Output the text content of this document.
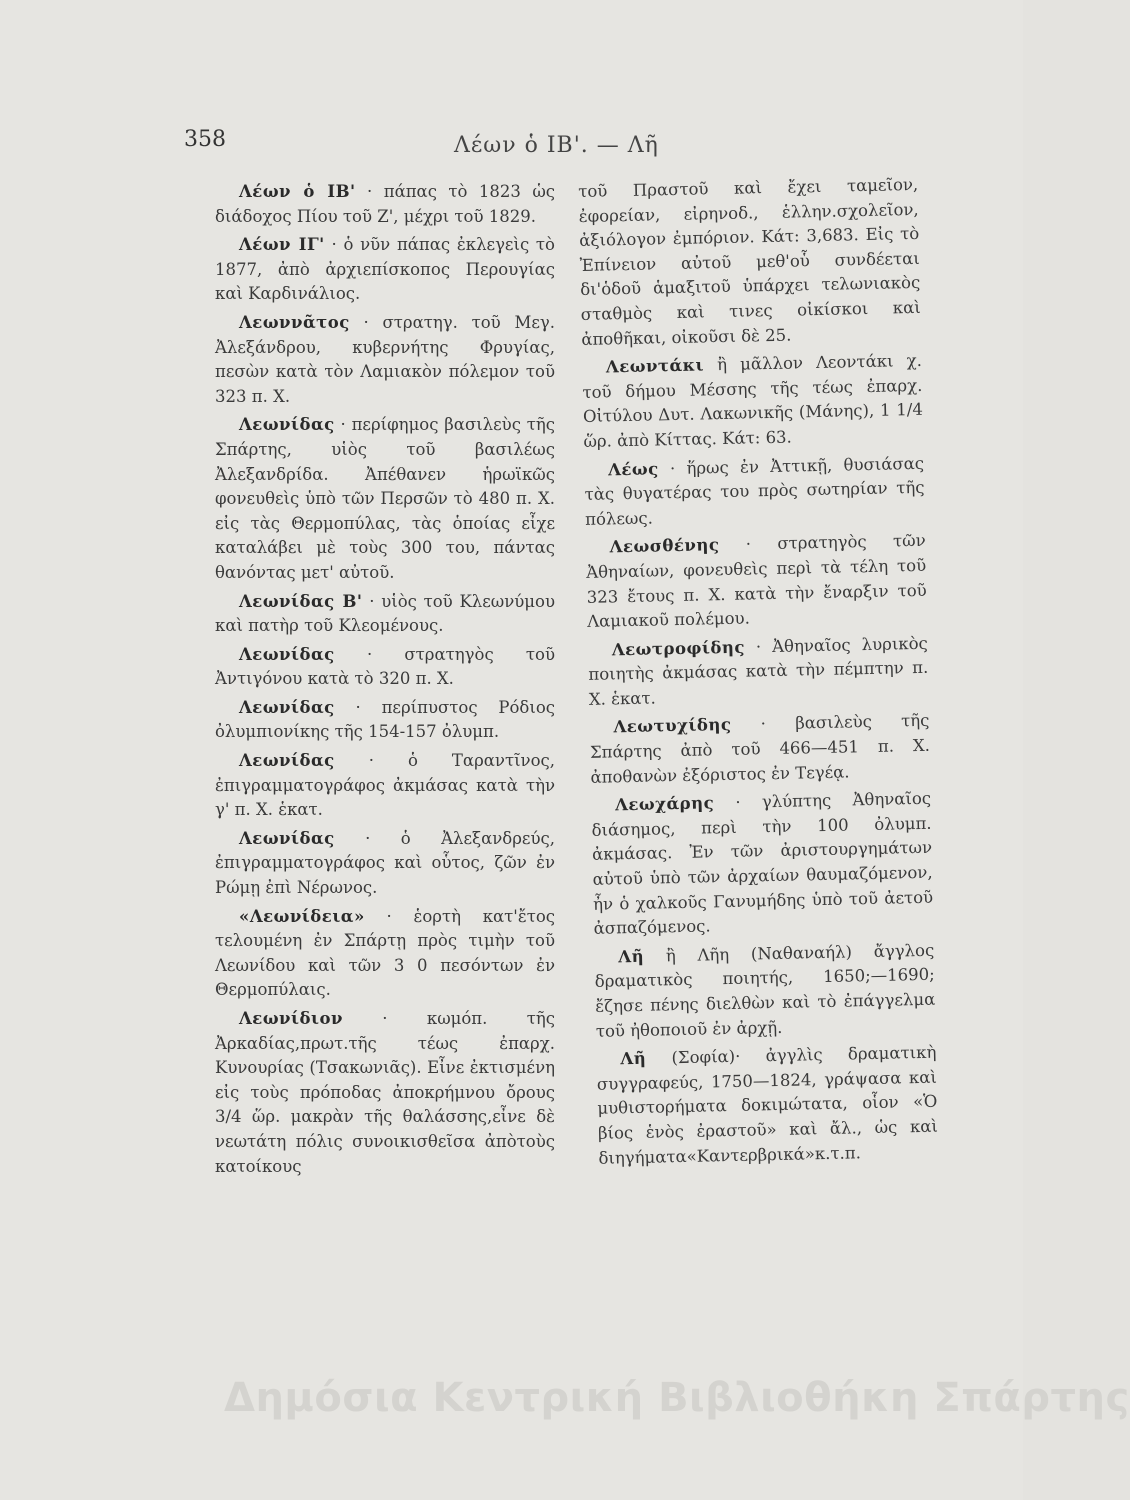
358	Λέων ὁ ΙΒ'. — Λῆ

Λέων ὁ ΙΒ' · πάπας τὸ 1823 ὡς διάδοχος Πίου τοῦ Ζ', μέχρι τοῦ 1829.

Λέων ΙΓ' · ὁ νῦν πάπας ἐκλεγεὶς τὸ 1877, ἀπὸ ἀρχιεπίσκοπος Περουγίας καὶ Καρδινάλιος.

Λεωννᾶτος · στρατηγ. τοῦ Μεγ. Ἀλεξάνδρου, κυβερνήτης Φρυγίας, πεσὼν κατὰ τὸν Λαμιακὸν πόλεμον τοῦ 323 π. Χ.

Λεωνίδας · περίφημος βασιλεὺς τῆς Σπάρτης, υἱὸς τοῦ βασιλέως Ἀλεξανδρίδα. Ἀπέθανεν ἡρωϊκῶς φονευθεὶς ὑπὸ τῶν Περσῶν τὸ 480 π. Χ. εἰς τὰς Θερμοπύλας, τὰς ὁποίας εἶχε καταλάβει μὲ τοὺς 300 του, πάντας θανόντας μετ' αὐτοῦ.

Λεωνίδας Β' · υἱὸς τοῦ Κλεωνύμου καὶ πατὴρ τοῦ Κλεομένους.

Λεωνίδας · στρατηγὸς τοῦ Ἀντιγόνου κατὰ τὸ 320 π. Χ.

Λεωνίδας · περίπυστος Ρόδιος ὀλυμπιονίκης τῆς 154-157 ὀλυμπ.

Λεωνίδας · ὁ Ταραντῖνος, ἐπιγραμματογράφος ἀκμάσας κατὰ τὴν γ' π. Χ. ἑκατ.

Λεωνίδας · ὁ Ἀλεξανδρεύς, ἐπιγραμματογράφος καὶ οὗτος, ζῶν ἐν Ρώμῃ ἐπὶ Νέρωνος.

«Λεωνίδεια» · ἑορτὴ κατ'ἔτος τελουμένη ἐν Σπάρτῃ πρὸς τιμὴν τοῦ Λεωνίδου καὶ τῶν 3 0 πεσόντων ἐν Θερμοπύλαις.

Λεωνίδιον · κωμόπ. τῆς Ἀρκαδίας,πρωτ.τῆς τέως ἐπαρχ. Κυνουρίας (Τσακωνιᾶς). Εἶνε ἐκτισμένη εἰς τοὺς πρόποδας ἀποκρήμνου ὄρους 3/4 ὥρ. μακρὰν τῆς θαλάσσης,εἶνε δὲ νεωτάτη πόλις συνοικισθεῖσα ἀπὸτοὺς κατοίκους

τοῦ Πραστοῦ καὶ ἔχει ταμεῖον, ἐφορείαν, εἰρηνοδ., ἑλλην.σχολεῖον, ἀξιόλογον ἐμπόριον. Κάτ: 3,683. Εἰς τὸ Ἐπίνειον αὐτοῦ μεθ'οὗ συνδέεται δι'ὁδοῦ ἁμαξιτοῦ ὑπάρχει τελωνιακὸς σταθμὸς καὶ τινες οἰκίσκοι καὶ ἀποθῆκαι, οἰκοῦσι δὲ 25.

Λεωντάκι ἢ μᾶλλον Λεοντάκι χ. τοῦ δήμου Μέσσης τῆς τέως ἐπαρχ. Οἰτύλου Δυτ. Λακωνικῆς (Μάνης), 1 1/4 ὥρ. ἀπὸ Κίττας. Κάτ: 63.

Λέως · ἥρως ἐν Ἀττικῇ, θυσιάσας τὰς θυγατέρας του πρὸς σωτηρίαν τῆς πόλεως.

Λεωσθένης · στρατηγὸς τῶν Ἀθηναίων, φονευθεὶς περὶ τὰ τέλη τοῦ 323 ἔτους π. Χ. κατὰ τὴν ἔναρξιν τοῦ Λαμιακοῦ πολέμου.

Λεωτροφίδης · Ἀθηναῖος λυρικὸς ποιητὴς ἀκμάσας κατὰ τὴν πέμπτην π. Χ. ἑκατ.

Λεωτυχίδης · βασιλεὺς τῆς Σπάρτης ἀπὸ τοῦ 466—451 π. Χ. ἀποθανὼν ἐξόριστος ἐν Τεγέᾳ.

Λεωχάρης · γλύπτης Ἀθηναῖος διάσημος, περὶ τὴν 100 ὀλυμπ. ἀκμάσας. Ἐν τῶν ἀριστουργημάτων αὐτοῦ ὑπὸ τῶν ἀρχαίων θαυμαζόμενον, ἦν ὁ χαλκοῦς Γανυμήδης ὑπὸ τοῦ ἀετοῦ ἀσπαζόμενος.

Λῆ ἢ Λῆη (Ναθαναήλ) ἄγγλος δραματικὸς ποιητής, 1650;—1690; ἔζησε πένης διελθὼν καὶ τὸ ἐπάγγελμα τοῦ ἠθοποιοῦ ἐν ἀρχῇ.

Λῆ (Σοφία)· ἀγγλὶς δραματικὴ συγγραφεύς, 1750—1824, γράψασα καὶ μυθιστορήματα δοκιμώτατα, οἷον «Ὁ βίος ἑνὸς ἐραστοῦ» καὶ ἄλ., ὡς καὶ διηγήματα«Καντερβρικά»κ.τ.π.

Δημόσια Κεντρική Βιβλιοθήκη Σπάρτης
